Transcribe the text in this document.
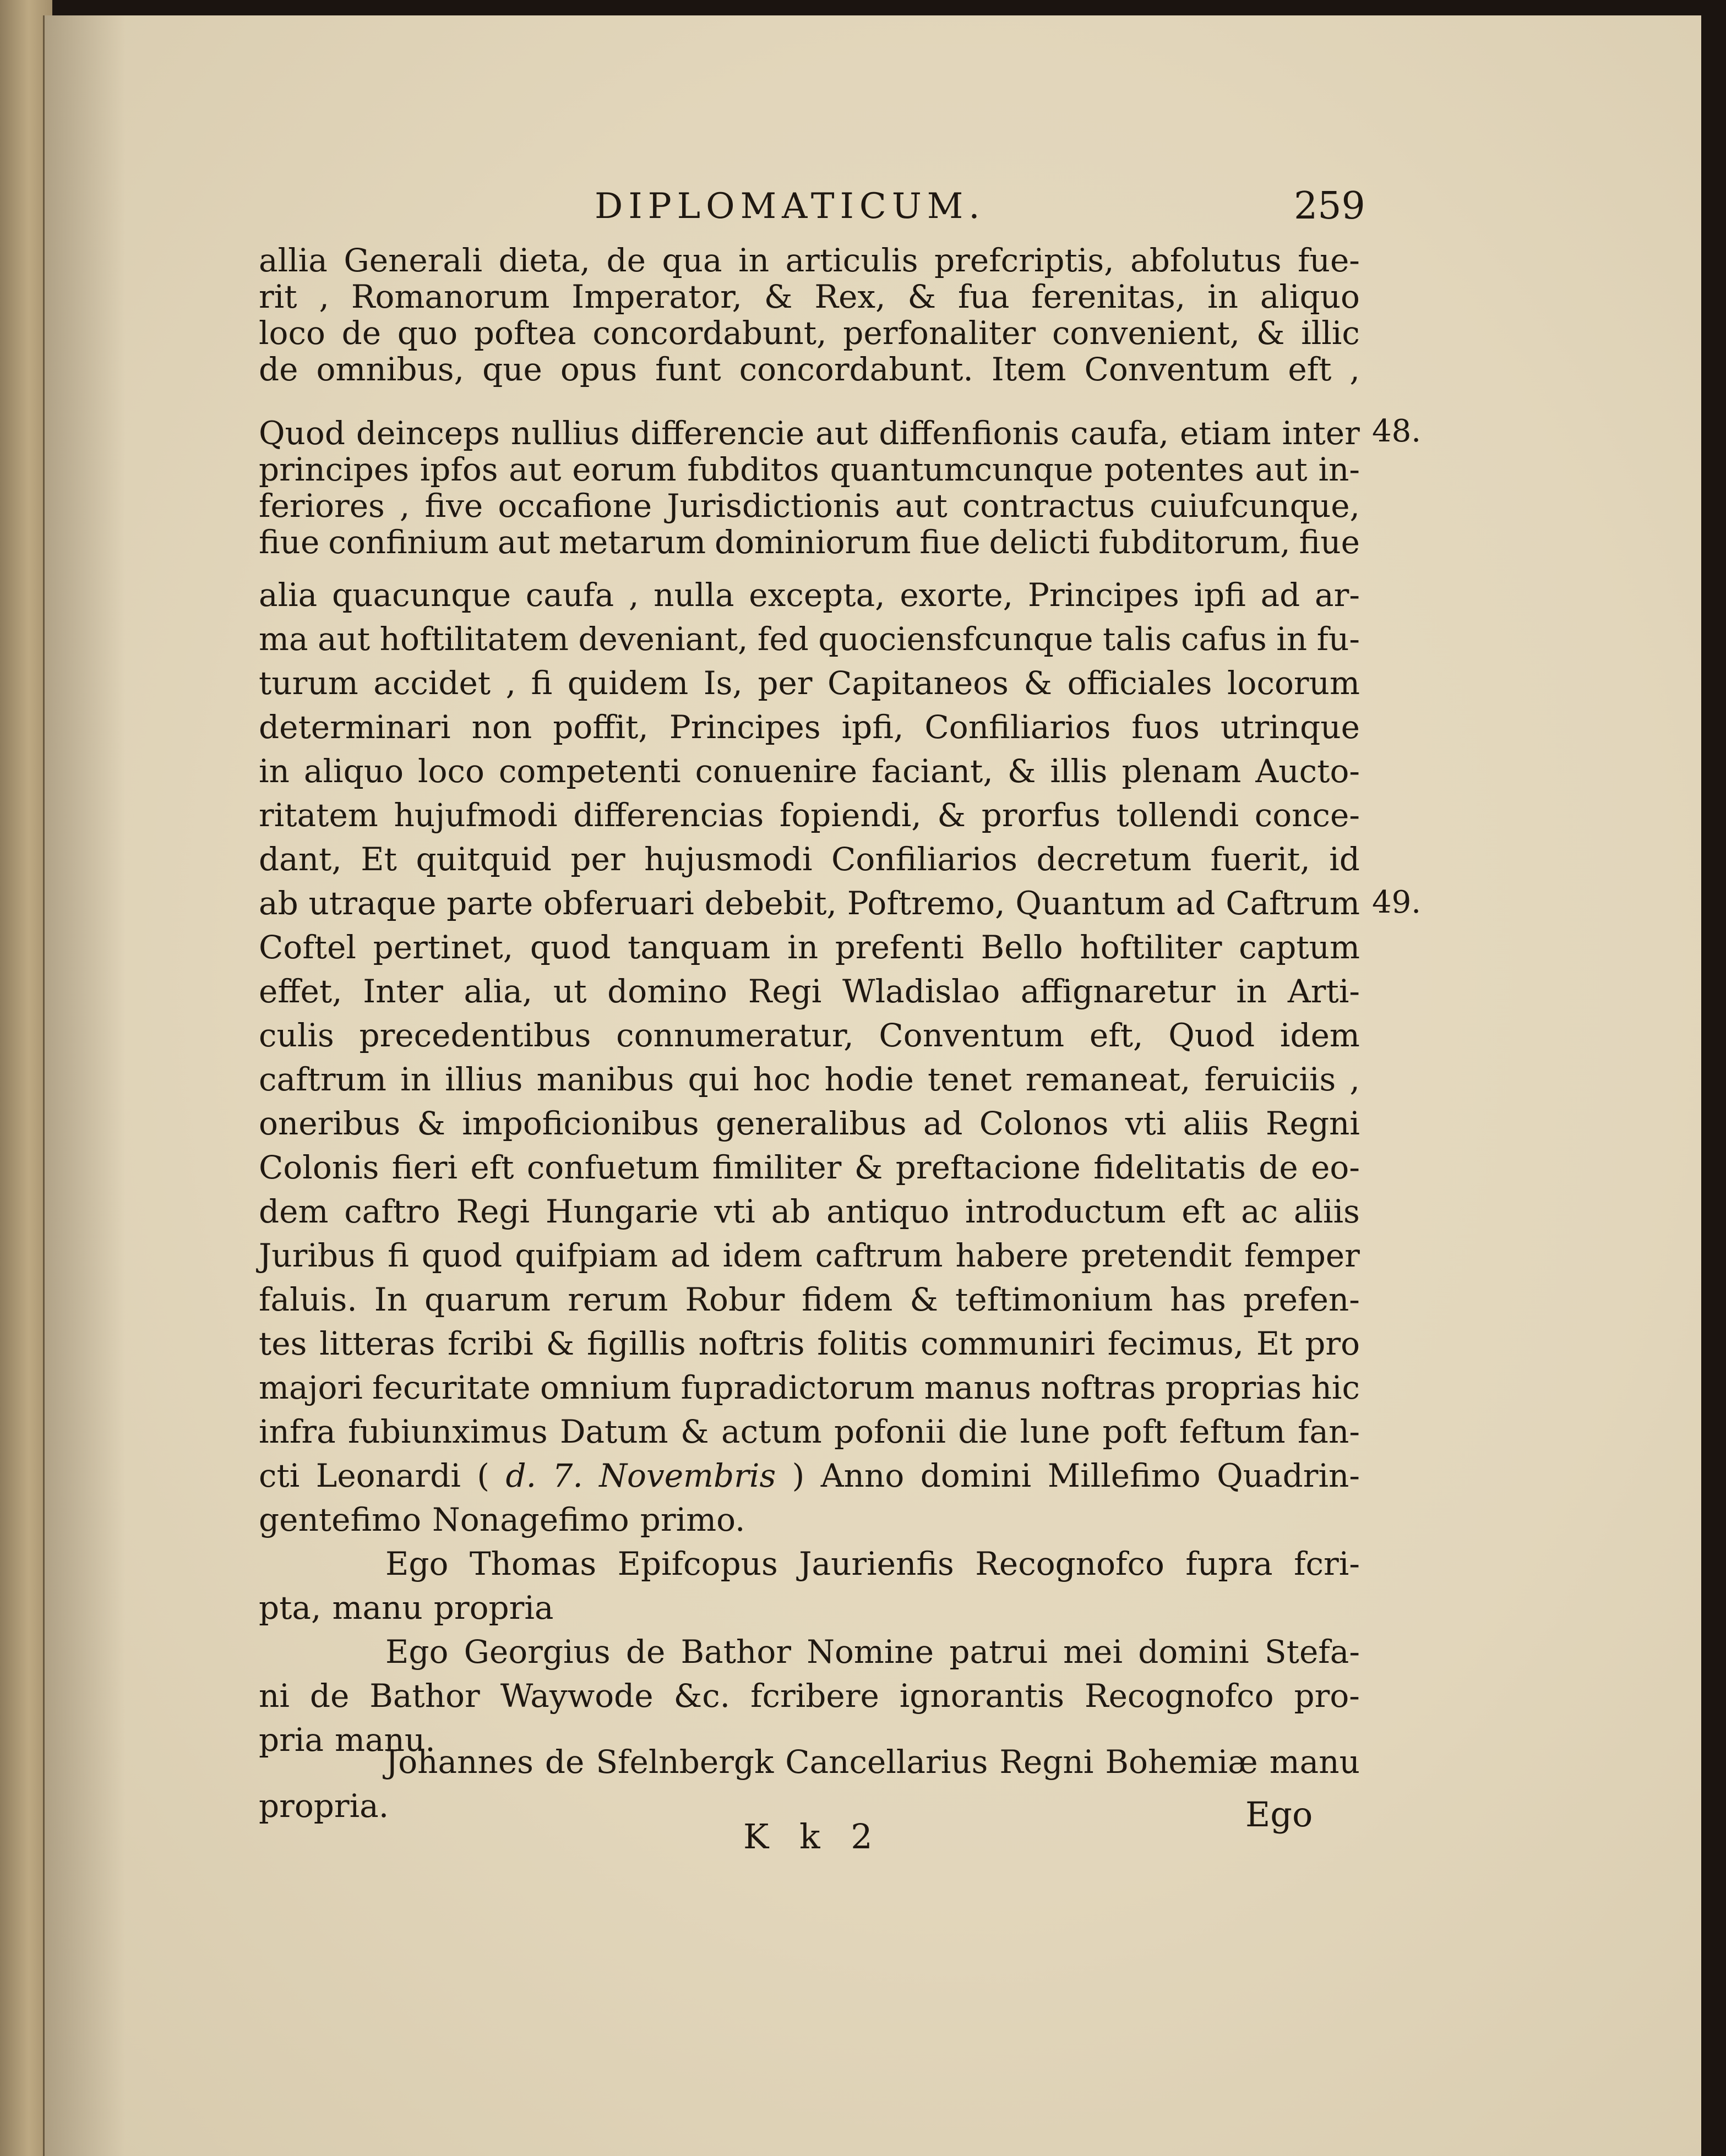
DIPLOMATICUM.	259
allia Generali dieta, de qua in articulis prefcriptis, abfolutus fue-
rit , Romanorum Imperator, & Rex, & fua ferenitas, in aliquo
loco de quo poftea concordabunt, perfonaliter convenient, & illic
de omnibus, que opus funt concordabunt. Item Conventum eft ,
Quod deinceps nullius differencie aut diffenfionis caufa, etiam inter
principes ipfos aut eorum fubditos quantumcunque potentes aut in-
feriores , five occafione Jurisdictionis aut contractus cuiufcunque,
fiue confinium aut metarum dominiorum fiue delicti fubditorum, fiue
alia quacunque caufa , nulla excepta, exorte, Principes ipfi ad ar-
ma aut hoftilitatem deveniant, fed quociensfcunque talis cafus in fu-
turum accidet , fi quidem Is, per Capitaneos & officiales locorum
determinari non poffit, Principes ipfi, Confiliarios fuos utrinque
in aliquo loco competenti conuenire faciant, & illis plenam Aucto-
ritatem hujufmodi differencias fopiendi, & prorfus tollendi conce-
dant, Et quitquid per hujusmodi Confiliarios decretum fuerit, id
ab utraque parte obferuari debebit, Poftremo, Quantum ad Caftrum
Coftel pertinet, quod tanquam in prefenti Bello hoftiliter captum
effet, Inter alia, ut domino Regi Wladislao affignaretur in Arti-
culis precedentibus connumeratur, Conventum eft, Quod idem
caftrum in illius manibus qui hoc hodie tenet remaneat, feruiciis ,
oneribus & impoficionibus generalibus ad Colonos vti aliis Regni
Colonis fieri eft confuetum fimiliter & preftacione fidelitatis de eo-
dem caftro Regi Hungarie vti ab antiquo introductum eft ac aliis
Juribus fi quod quifpiam ad idem caftrum habere pretendit femper
faluis. In quarum rerum Robur fidem & teftimonium has prefen-
tes litteras fcribi & figillis noftris folitis communiri fecimus, Et pro
majori fecuritate omnium fupradictorum manus noftras proprias hic
infra fubiunximus Datum & actum pofonii die lune poft feftum fan-
cti Leonardi ( d. 7. Novembris ) Anno domini Millefimo Quadrin-
gentefimo Nonagefimo primo.
Ego Thomas Epifcopus Jaurienfis Recognofco fupra fcri-
pta, manu propria
Ego Georgius de Bathor Nomine patrui mei domini Stefa-
ni de Bathor Waywode &c. fcribere ignorantis Recognofco pro-
pria manu.
Johannes de Sfelnbergk Cancellarius Regni Bohemiæ manu
propria.
48.
49.
K k 2
Ego
